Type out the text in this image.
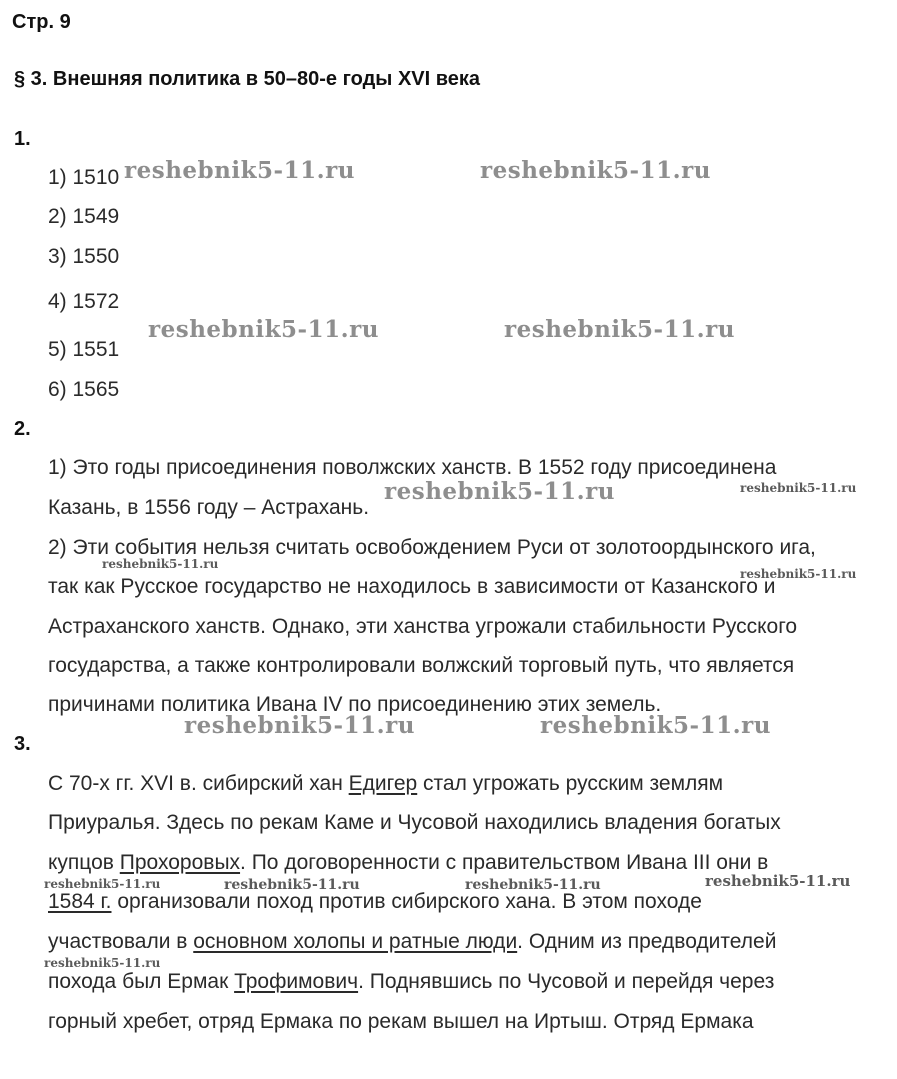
Стр. 9
§ 3. Внешняя политика в 50–80-е годы XVI века
1.
1) 1510
2) 1549
3) 1550
4) 1572
5) 1551
6) 1565
2.
1) Это годы присоединения поволжских ханств. В 1552 году присоединена
Казань, в 1556 году – Астрахань.
2) Эти события нельзя считать освобождением Руси от золотоордынского ига,
так как Русское государство не находилось в зависимости от Казанского и
Астраханского ханств. Однако, эти ханства угрожали стабильности Русского
государства, а также контролировали волжский торговый путь, что является
причинами политика Ивана IV по присоединению этих земель.
3.
С 70-х гг. XVI в. сибирский хан Едигер стал угрожать русским землям
Приуралья. Здесь по рекам Каме и Чусовой находились владения богатых
купцов Прохоровых. По договоренности с правительством Ивана III они в
1584 г. организовали поход против сибирского хана. В этом походе
участвовали в основном холопы и ратные люди. Одним из предводителей
похода был Ермак Трофимович. Поднявшись по Чусовой и перейдя через
горный хребет, отряд Ермака по рекам вышел на Иртыш. Отряд Ермака
reshebnik5-11.ru	reshebnik5-11.ru
reshebnik5-11.ru	reshebnik5-11.ru
reshebnik5-11.ru
reshebnik5-11.ru	reshebnik5-11.ru
reshebnik5-11.ru
reshebnik5-11.ru	reshebnik5-11.ru
reshebnik5-11.ru	reshebnik5-11.ru	reshebnik5-11.ru	reshebnik5-11.ru
reshebnik5-11.ru
